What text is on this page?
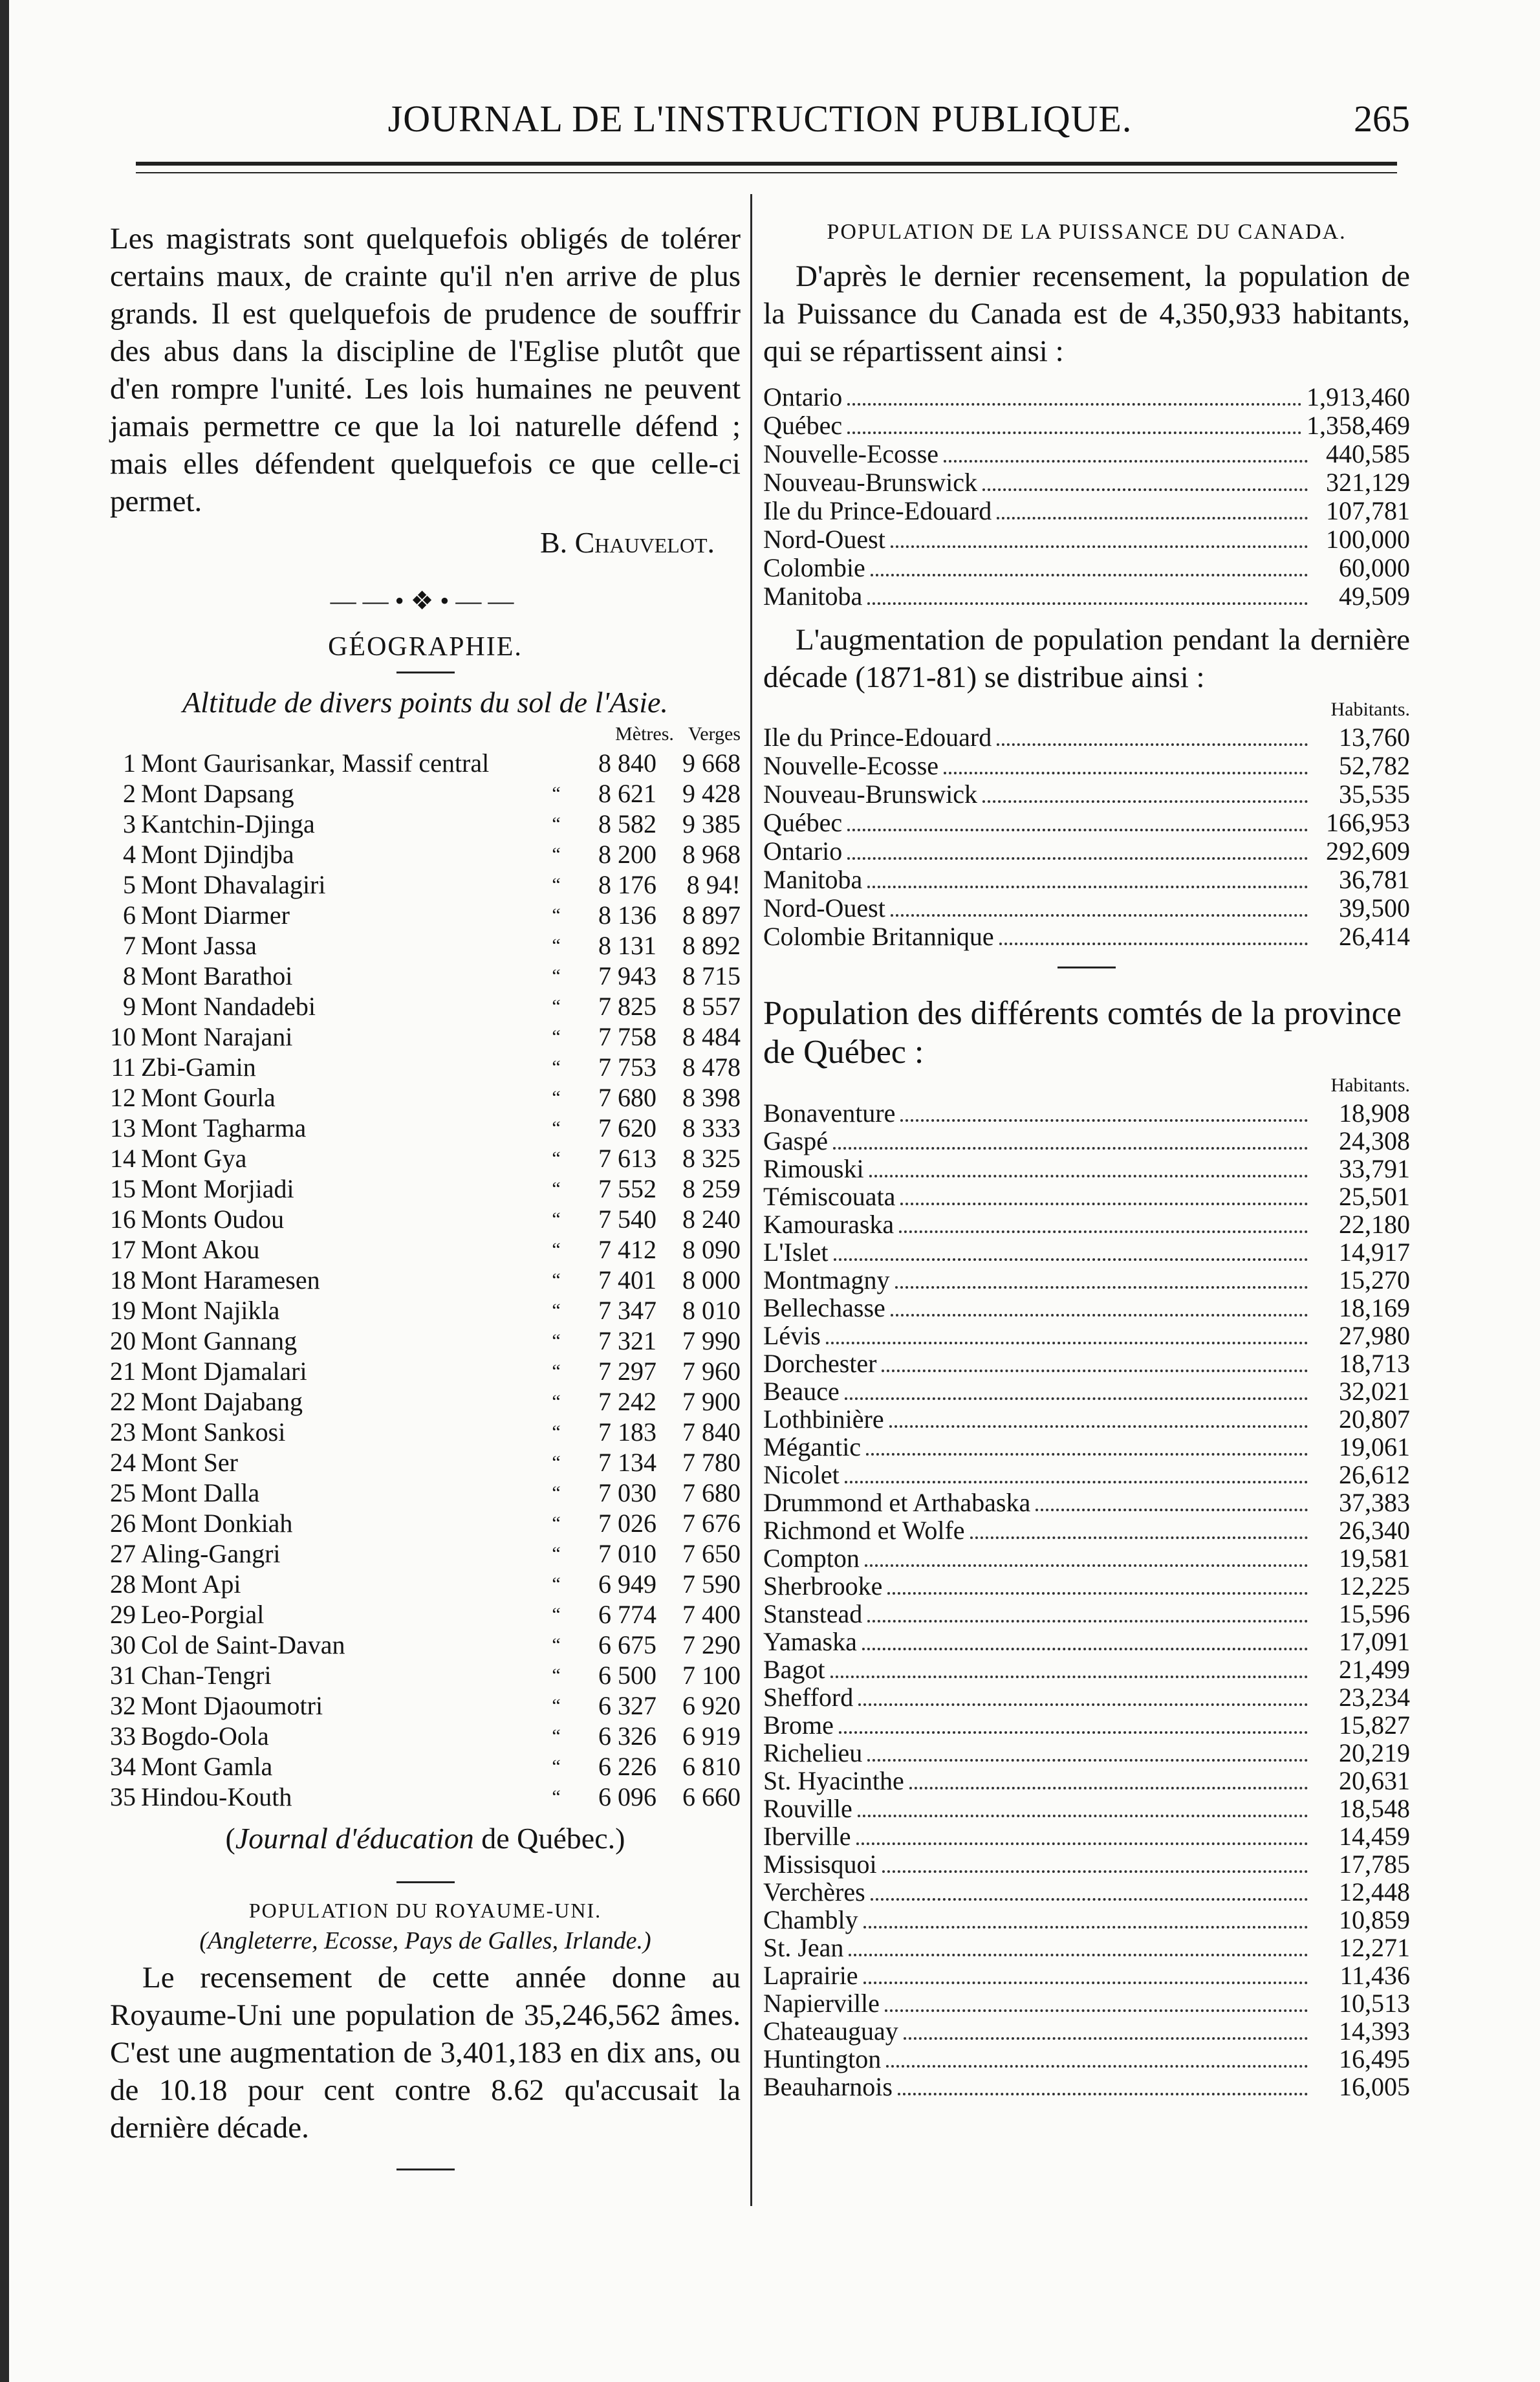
JOURNAL DE L'INSTRUCTION PUBLIQUE.	265

Les magistrats sont quelquefois obligés de tolérer certains maux, de crainte qu'il n'en arrive de plus grands. Il est quelquefois de prudence de souffrir des abus dans la discipline de l'Eglise plutôt que d'en rompre l'unité. Les lois humaines ne peuvent jamais permettre ce que la loi naturelle défend ; mais elles défendent quelquefois ce que celle-ci permet.

B. Chauvelot.
——•❖•——
GÉOGRAPHIE.
Altitude de divers points du sol de l'Asie.
Mètres. Verges
1	Mont Gaurisankar, Massif central		8 840	9 668
2	Mont Dapsang	“	8 621	9 428
3	Kantchin-Djinga	“	8 582	9 385
4	Mont Djindjba	“	8 200	8 968
5	Mont Dhavalagiri	“	8 176	8 94!
6	Mont Diarmer	“	8 136	8 897
7	Mont Jassa	“	8 131	8 892
8	Mont Barathoi	“	7 943	8 715
9	Mont Nandadebi	“	7 825	8 557
10	Mont Narajani	“	7 758	8 484
11	Zbi-Gamin	“	7 753	8 478
12	Mont Gourla	“	7 680	8 398
13	Mont Tagharma	“	7 620	8 333
14	Mont Gya	“	7 613	8 325
15	Mont Morjiadi	“	7 552	8 259
16	Monts Oudou	“	7 540	8 240
17	Mont Akou	“	7 412	8 090
18	Mont Haramesen	“	7 401	8 000
19	Mont Najikla	“	7 347	8 010
20	Mont Gannang	“	7 321	7 990
21	Mont Djamalari	“	7 297	7 960
22	Mont Dajabang	“	7 242	7 900
23	Mont Sankosi	“	7 183	7 840
24	Mont Ser	“	7 134	7 780
25	Mont Dalla	“	7 030	7 680
26	Mont Donkiah	“	7 026	7 676
27	Aling-Gangri	“	7 010	7 650
28	Mont Api	“	6 949	7 590
29	Leo-Porgial	“	6 774	7 400
30	Col de Saint-Davan	“	6 675	7 290
31	Chan-Tengri	“	6 500	7 100
32	Mont Djaoumotri	“	6 327	6 920
33	Bogdo-Oola	“	6 326	6 919
34	Mont Gamla	“	6 226	6 810
35	Hindou-Kouth	“	6 096	6 660
(Journal d'éducation de Québec.)
POPULATION DU ROYAUME-UNI.
(Angleterre, Ecosse, Pays de Galles, Irlande.)

Le recensement de cette année donne au Royaume-Uni une population de 35,246,562 âmes. C'est une augmentation de 3,401,183 en dix ans, ou de 10.18 pour cent contre 8.62 qu'accusait la dernière décade.

POPULATION DE LA PUISSANCE DU CANADA.

D'après le dernier recensement, la population de la Puissance du Canada est de 4,350,933 habitants, qui se répartissent ainsi :

Ontario	1,913,460
Québec	1,358,469
Nouvelle-Ecosse	440,585
Nouveau-Brunswick	321,129
Ile du Prince-Edouard	107,781
Nord-Ouest	100,000
Colombie	60,000
Manitoba	49,509

L'augmentation de population pendant la dernière décade (1871-81) se distribue ainsi :

Habitants.
Ile du Prince-Edouard	13,760
Nouvelle-Ecosse	52,782
Nouveau-Brunswick	35,535
Québec	166,953
Ontario	292,609
Manitoba	36,781
Nord-Ouest	39,500
Colombie Britannique	26,414

Population des différents comtés de la province de Québec :

Habitants.
Bonaventure	18,908
Gaspé	24,308
Rimouski	33,791
Témiscouata	25,501
Kamouraska	22,180
L'Islet	14,917
Montmagny	15,270
Bellechasse	18,169
Lévis	27,980
Dorchester	18,713
Beauce	32,021
Lothbinière	20,807
Mégantic	19,061
Nicolet	26,612
Drummond et Arthabaska	37,383
Richmond et Wolfe	26,340
Compton	19,581
Sherbrooke	12,225
Stanstead	15,596
Yamaska	17,091
Bagot	21,499
Shefford	23,234
Brome	15,827
Richelieu	20,219
St. Hyacinthe	20,631
Rouville	18,548
Iberville	14,459
Missisquoi	17,785
Verchères	12,448
Chambly	10,859
St. Jean	12,271
Laprairie	11,436
Napierville	10,513
Chateauguay	14,393
Huntington	16,495
Beauharnois	16,005
